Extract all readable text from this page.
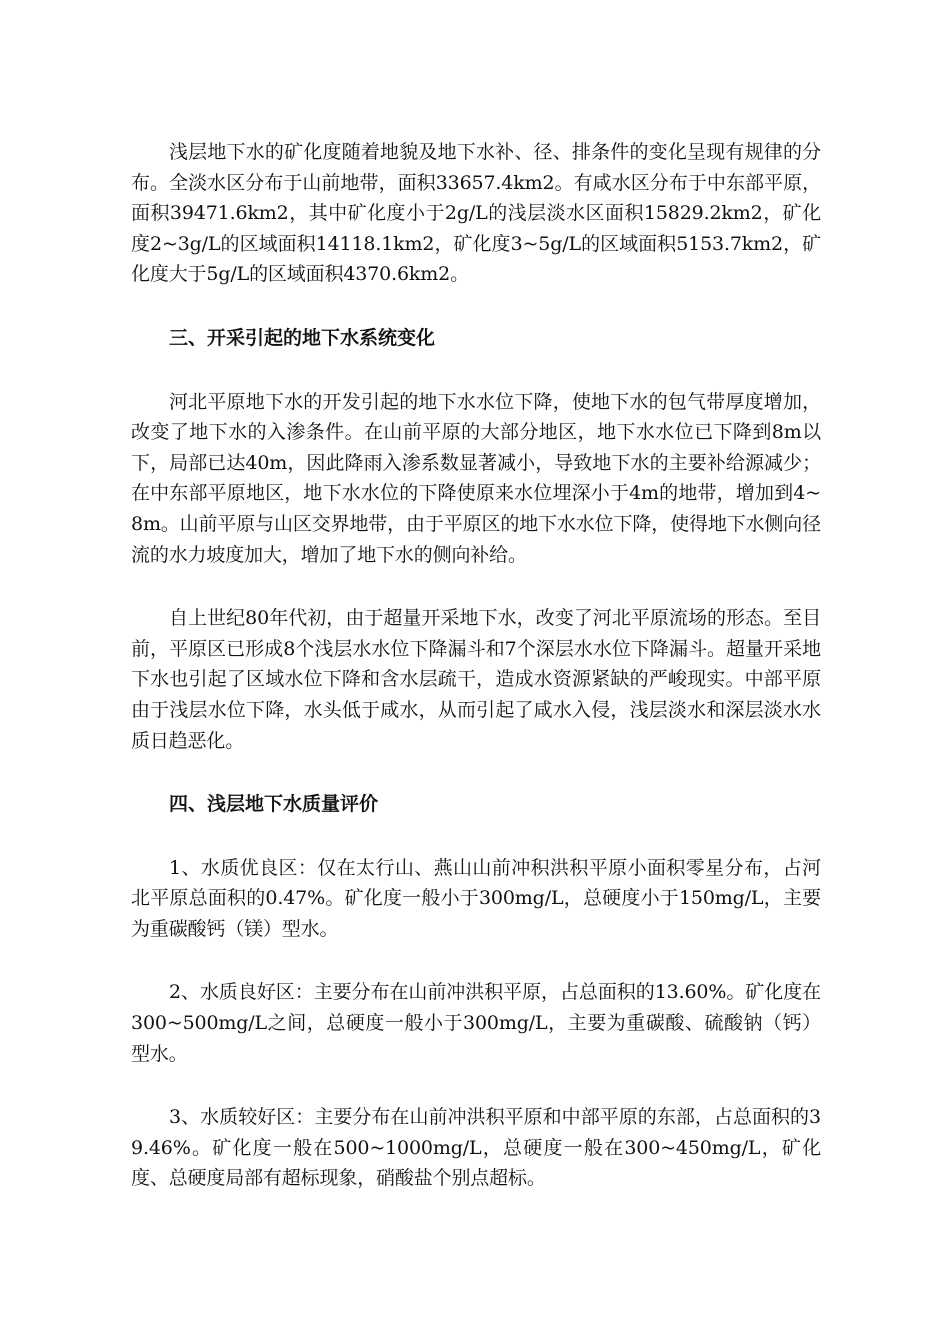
浅层地下水的矿化度随着地貌及地下水补、径、排条件的变化呈现有规律的分布。全淡水区分布于山前地带，面积33657.4km2。有咸水区分布于中东部平原，面积39471.6km2，其中矿化度小于2g/L的浅层淡水区面积15829.2km2，矿化度2~3g/L的区域面积14118.1km2，矿化度3~5g/L的区域面积5153.7km2，矿化度大于5g/L的区域面积4370.6km2。

三、开采引起的地下水系统变化

河北平原地下水的开发引起的地下水水位下降，使地下水的包气带厚度增加，改变了地下水的入渗条件。在山前平原的大部分地区，地下水水位已下降到8m以下，局部已达40m，因此降雨入渗系数显著减小，导致地下水的主要补给源减少；在中东部平原地区，地下水水位的下降使原来水位埋深小于4m的地带，增加到4~8m。山前平原与山区交界地带，由于平原区的地下水水位下降，使得地下水侧向径流的水力坡度加大，增加了地下水的侧向补给。

自上世纪80年代初，由于超量开采地下水，改变了河北平原流场的形态。至目前，平原区已形成8个浅层水水位下降漏斗和7个深层水水位下降漏斗。超量开采地下水也引起了区域水位下降和含水层疏干，造成水资源紧缺的严峻现实。中部平原由于浅层水位下降，水头低于咸水，从而引起了咸水入侵，浅层淡水和深层淡水水质日趋恶化。

四、浅层地下水质量评价

1、水质优良区：仅在太行山、燕山山前冲积洪积平原小面积零星分布，占河北平原总面积的0.47%。矿化度一般小于300mg/L，总硬度小于150mg/L，主要为重碳酸钙（镁）型水。

2、水质良好区：主要分布在山前冲洪积平原，占总面积的13.60%。矿化度在300~500mg/L之间，总硬度一般小于300mg/L，主要为重碳酸、硫酸钠（钙）型水。

3、水质较好区：主要分布在山前冲洪积平原和中部平原的东部，占总面积的39.46%。矿化度一般在500~1000mg/L，总硬度一般在300~450mg/L，矿化度、总硬度局部有超标现象，硝酸盐个别点超标。
